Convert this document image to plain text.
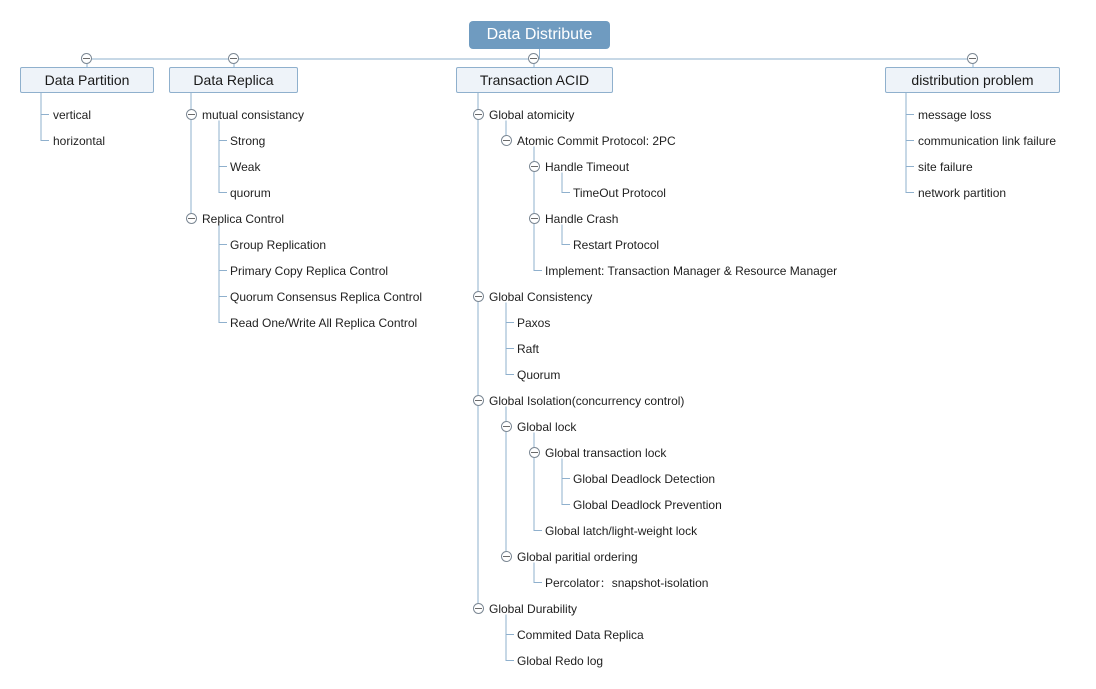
Data Distribute
Data Partition	Data Replica	Transaction ACID	distribution problem
vertical
horizontal
mutual consistancy
Strong
Weak
quorum
Replica Control
Group Replication
Primary Copy Replica Control
Quorum Consensus Replica Control
Read One/Write All Replica Control
Global atomicity
Atomic Commit Protocol: 2PC
Handle Timeout
TimeOut Protocol
Handle Crash
Restart Protocol
Implement: Transaction Manager & Resource Manager
Global Consistency
Paxos
Raft
Quorum
Global Isolation(concurrency control)
Global lock
Global transaction lock
Global Deadlock Detection
Global Deadlock Prevention
Global latch/light-weight lock
Global paritial ordering
Percolator：snapshot-isolation
Global Durability
Commited Data Replica
Global Redo log
message loss
communication link failure
site failure
network partition
